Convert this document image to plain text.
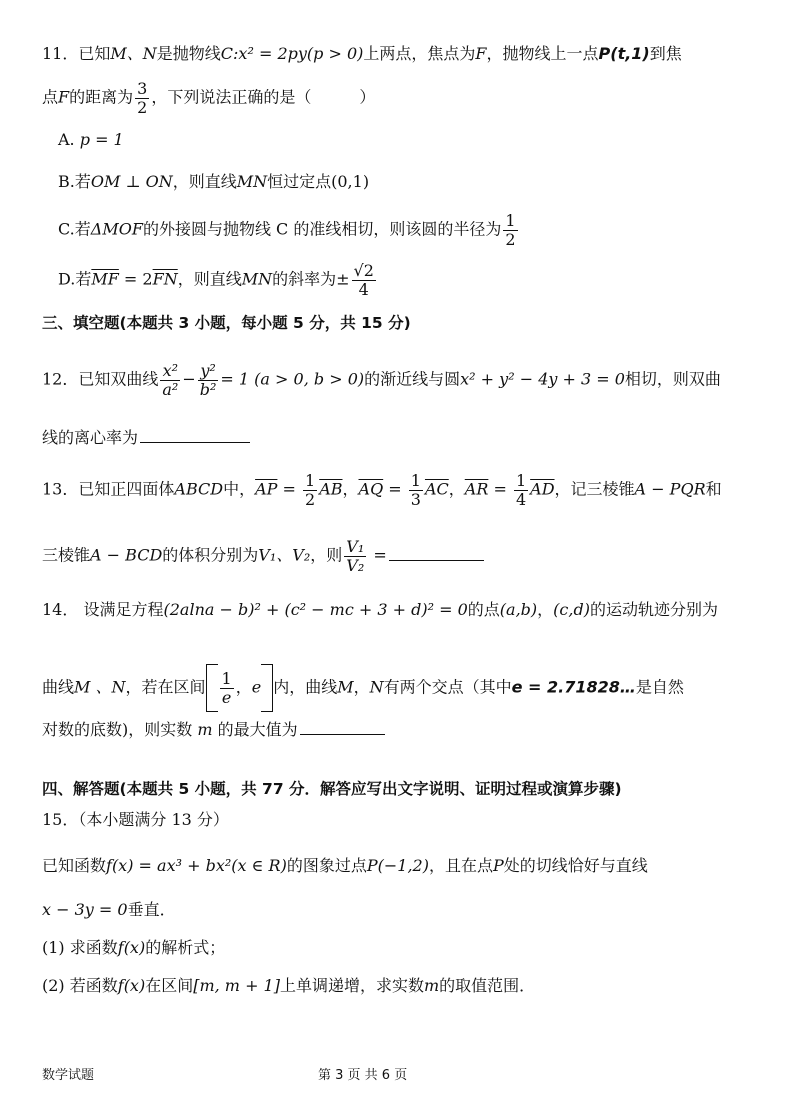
11．已知M、N是抛物线C:x² = 2py(p > 0)上两点，焦点为F，抛物线上一点P(t,1)到焦
点F的距离为 $\frac{3}{2}$ ，下列说法正确的是（　　　）
A. p = 1
B.若OM ⊥ ON，则直线MN恒过定点(0,1)
C.若ΔMOF的外接圆与抛物线 C 的准线相切，则该圆的半径为 $\frac{1}{2}$
D.若$\overline{MF} = 2\overline{FN}$，则直线MN的斜率为± $\frac{√2}{4}$
三、填空题(本题共 3 小题，每小题 5 分，共 15 分)
12．已知双曲线 $\frac{\text{x²}}{\text{a²}} - \frac{\text{y²}}{\text{b²}} = 1$ (a > 0, b > 0)的渐近线与圆x² + y² − 4y + 3 = 0相切，则双曲
线的离心率为
13．已知正四面体ABCD中，$\overline{AP} = \frac{1}{2} \overline{AB}$，$\overline{AQ} = \frac{1}{3} \overline{AC}$，$\overline{AR} = \frac{1}{4} \overline{AD}$，记三棱锥A − PQR和
三棱锥A − BCD的体积分别为V₁、V₂，则 $\frac{\text{V₁}}{\text{V₂}}$ =
14． 设满足方程(2alna − b)² + (c² − mc + 3 + d)² = 0的点(a,b)，(c,d)的运动轨迹分别为
曲线M 、N，若在区间 $\frac{1}{e}$ ，e 内，曲线M，N有两个交点（其中e = 2.71828…是自然
对数的底数)，则实数 m 的最大值为
四、解答题(本题共 5 小题，共 77 分．解答应写出文字说明、证明过程或演算步骤)
15．（本小题满分 13 分）
已知函数f(x) = ax³ + bx²(x ∈ R)的图象过点P(−1,2)，且在点P处的切线恰好与直线
x − 3y = 0垂直．
(1) 求函数f(x)的解析式；
(2) 若函数f(x)在区间[m, m + 1]上单调递增，求实数m的取值范围．
数学试题	第 3 页 共 6 页
